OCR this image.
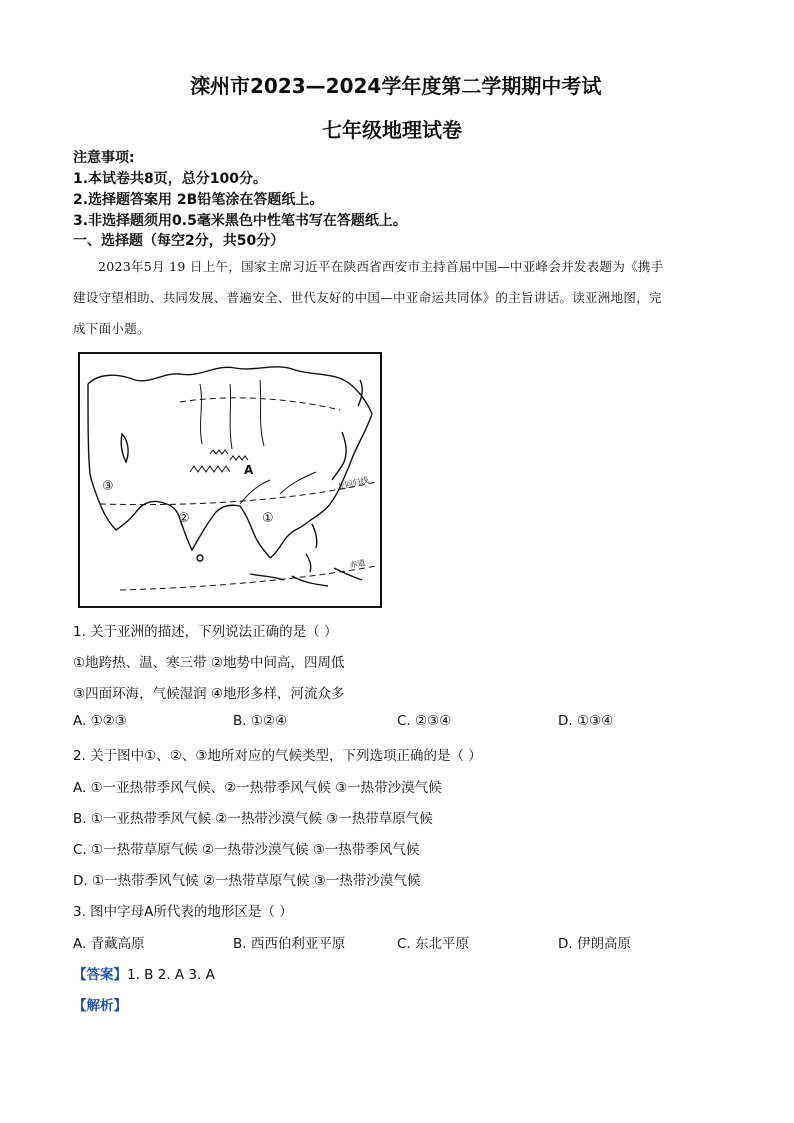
滦州市2023—2024学年度第二学期期中考试
七年级地理试卷
注意事项:
1.本试卷共8页，总分100分。
2.选择题答案用 2B铅笔涂在答题纸上。
3.非选择题须用0.5毫米黑色中性笔书写在答题纸上。
一、选择题（每空2分，共50分）
2023年5月 19 日上午，国家主席习近平在陕西省西安市主持首届中国—中亚峰会并发表题为《携手
建设守望相助、共同发展、普遍安全、世代友好的中国—中亚命运共同体》的主旨讲话。读亚洲地图，完
成下面小题。
③
②	①
A
北回归线
赤道
1. 关于亚洲的描述，下列说法正确的是（ ）
①地跨热、温、寒三带 ②地势中间高，四周低
③四面环海，气候湿润 ④地形多样，河流众多
A. ①②③	B. ①②④	C. ②③④	D. ①③④
2. 关于图中①、②、③地所对应的气候类型，下列选项正确的是（ ）
A. ①一亚热带季风气候、②一热带季风气候 ③一热带沙漠气候
B. ①一亚热带季风气候 ②一热带沙漠气候 ③一热带草原气候
C. ①一热带草原气候 ②一热带沙漠气候 ③一热带季风气候
D. ①一热带季风气候 ②一热带草原气候 ③一热带沙漠气候
3. 图中字母A所代表的地形区是（ ）
A. 青藏高原	B. 西西伯利亚平原	C. 东北平原	D. 伊朗高原
【答案】1. B 2. A 3. A
【解析】
